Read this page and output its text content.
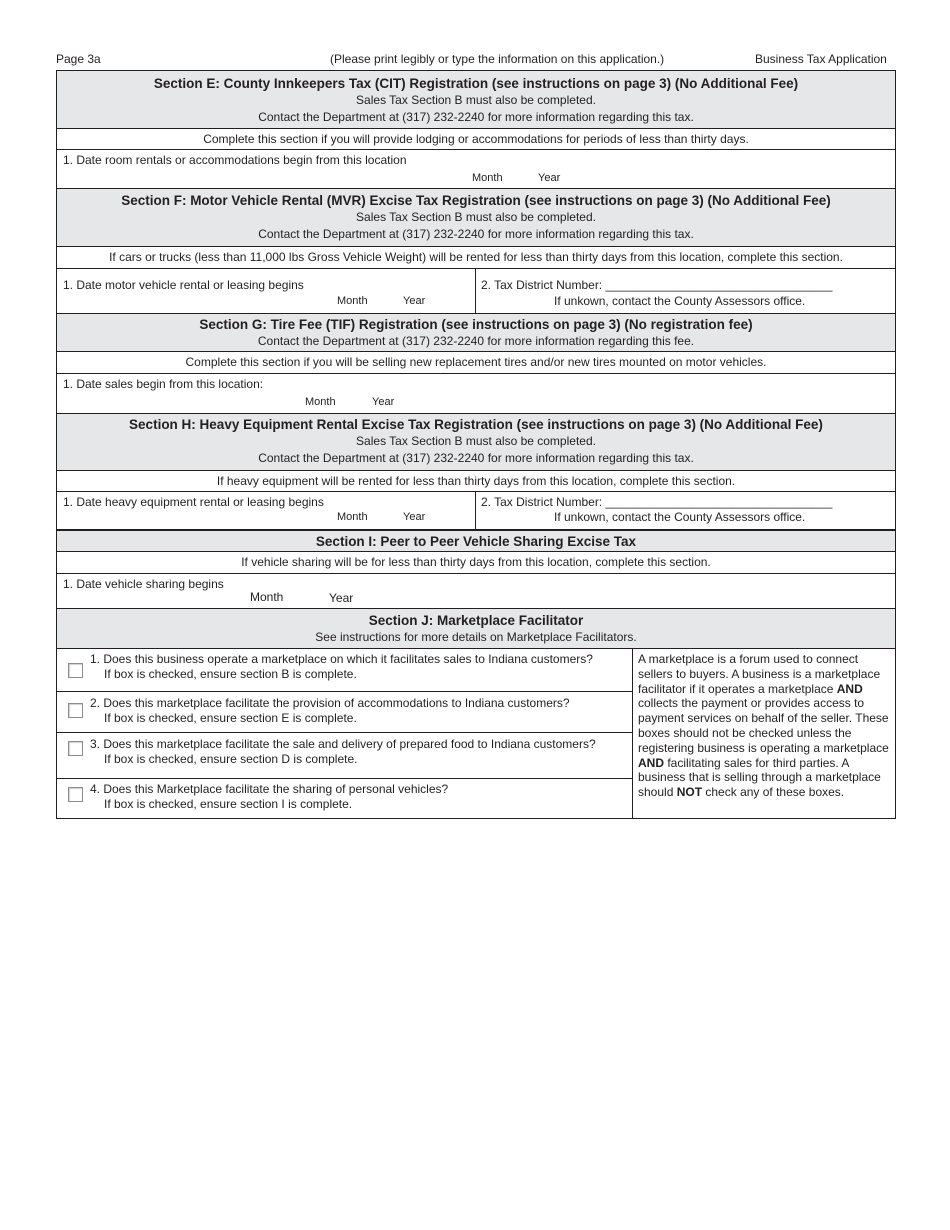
Page 3a	(Please print legibly or type the information on this application.)	Business Tax Application
Section E: County Innkeepers Tax (CIT) Registration (see instructions on page 3) (No Additional Fee)
Sales Tax Section B must also be completed.
Contact the Department at (317) 232-2240 for more information regarding this tax.
Complete this section if you will provide lodging or accommodations for periods of less than thirty days.
1. Date room rentals or accommodations begin from this location
Month	Year
Section F: Motor Vehicle Rental (MVR) Excise Tax Registration (see instructions on page 3) (No Additional Fee)
Sales Tax Section B must also be completed.
Contact the Department at (317) 232-2240 for more information regarding this tax.
If cars or trucks (less than 11,000 lbs Gross Vehicle Weight) will be rented for less than thirty days from this location, complete this section.
1. Date motor vehicle rental or leasing begins
Month	Year
2. Tax District Number: __________________________________
If unkown, contact the County Assessors office.
Section G: Tire Fee (TIF) Registration (see instructions on page 3) (No registration fee)
Contact the Department at (317) 232-2240 for more information regarding this fee.
Complete this section if you will be selling new replacement tires and/or new tires mounted on motor vehicles.
1. Date sales begin from this location:
Month	Year
Section H: Heavy Equipment Rental Excise Tax Registration (see instructions on page 3) (No Additional Fee)
Sales Tax Section B must also be completed.
Contact the Department at (317) 232-2240 for more information regarding this tax.
If heavy equipment will be rented for less than thirty days from this location, complete this section.
1. Date heavy equipment rental or leasing begins
Month	Year
2. Tax District Number: __________________________________
If unkown, contact the County Assessors office.
Section I: Peer to Peer Vehicle Sharing Excise Tax
If vehicle sharing will be for less than thirty days from this location, complete this section.
1. Date vehicle sharing begins
Month	Year
Section J: Marketplace Facilitator
See instructions for more details on Marketplace Facilitators.
1. Does this business operate a marketplace on which it facilitates sales to Indiana customers?
If box is checked, ensure section B is complete.
2. Does this marketplace facilitate the provision of accommodations to Indiana customers?
If box is checked, ensure section E is complete.
3. Does this marketplace facilitate the sale and delivery of prepared food to Indiana customers?
If box is checked, ensure section D is complete.
4. Does this Marketplace facilitate the sharing of personal vehicles?
If box is checked, ensure section I is complete.
A marketplace is a forum used to connect sellers to buyers. A business is a marketplace facilitator if it operates a marketplace AND collects the payment or provides access to payment services on behalf of the seller. These boxes should not be checked unless the registering business is operating a marketplace AND facilitating sales for third parties. A business that is selling through a marketplace should NOT check any of these boxes.
